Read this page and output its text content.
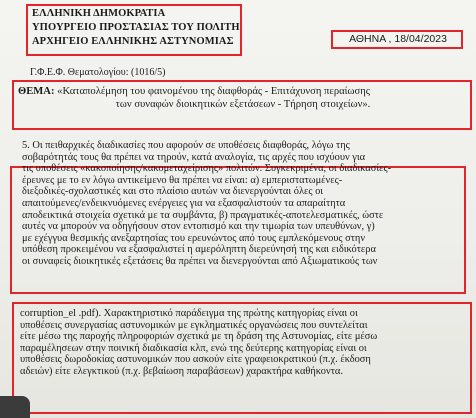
ΕΛΛΗΝΙΚΗ ΔΗΜΟΚΡΑΤΙΑ
ΥΠΟΥΡΓΕΙΟ ΠΡΟΣΤΑΣΙΑΣ ΤΟΥ ΠΟΛΙΤΗ
ΑΡΧΗΓΕΙΟ ΕΛΛΗΝΙΚΗΣ ΑΣΤΥΝΟΜΙΑΣ	ΑΘΗΝΑ , 18/04/2023
Γ.Φ.Ε.Φ. Θεματολογίου: (1016/5)
ΘΕΜΑ: «Καταπολέμηση του φαινομένου της διαφθοράς - Επιτάχυνση περαίωσης
των συναφών διοικητικών εξετάσεων - Τήρηση στοιχείων».
5. Οι πειθαρχικές διαδικασίες που αφορούν σε υποθέσεις διαφθοράς, λόγω της
σοβαρότητάς τους θα πρέπει να τηρούν, κατά αναλογία, τις αρχές που ισχύουν για
τις υποθέσεις «κακοποίησης/κακομεταχείρισης» πολιτών. Συγκεκριμένα, οι διαδικασίες-
έρευνες με το εν λόγω αντικείμενο θα πρέπει να είναι: α) εμπεριστατωμένες-
διεξοδικές-σχολαστικές και στο πλαίσιο αυτών να διενεργούνται όλες οι
απαιτούμενες/ενδεικνυόμενες ενέργειες για να εξασφαλιστούν τα απαραίτητα
αποδεικτικά στοιχεία σχετικά με τα συμβάντα, β) πραγματικές-αποτελεσματικές, ώστε
αυτές να μπορούν να οδηγήσουν στον εντοπισμό και την τιμωρία των υπευθύνων, γ)
με εχέγγυα θεσμικής ανεξαρτησίας του ερευνώντος από τους εμπλεκόμενους στην
υπόθεση προκειμένου να εξασφαλιστεί η αμερόληπτη διερεύνησή της και ειδικότερα
οι συναφείς διοικητικές εξετάσεις θα πρέπει να διενεργούνται από Αξιωματικούς των
corruption_el .pdf). Χαρακτηριστικό παράδειγμα της πρώτης κατηγορίας είναι οι
υποθέσεις συνεργασίας αστυνομικών με εγκληματικές οργανώσεις που συντελείται
είτε μέσω της παροχής πληροφοριών σχετικά με τη δράση της Αστυνομίας, είτε μέσω
παραμέλησεων στην ποινική διαδικασία κλπ, ενώ της δεύτερης κατηγορίας είναι οι
υποθέσεις δωροδοκίας αστυνομικών που ασκούν είτε γραφειοκρατικού (π.χ. έκδοση
αδειών) είτε ελεγκτικού (π.χ. βεβαίωση παραβάσεων) χαρακτήρα καθήκοντα.
